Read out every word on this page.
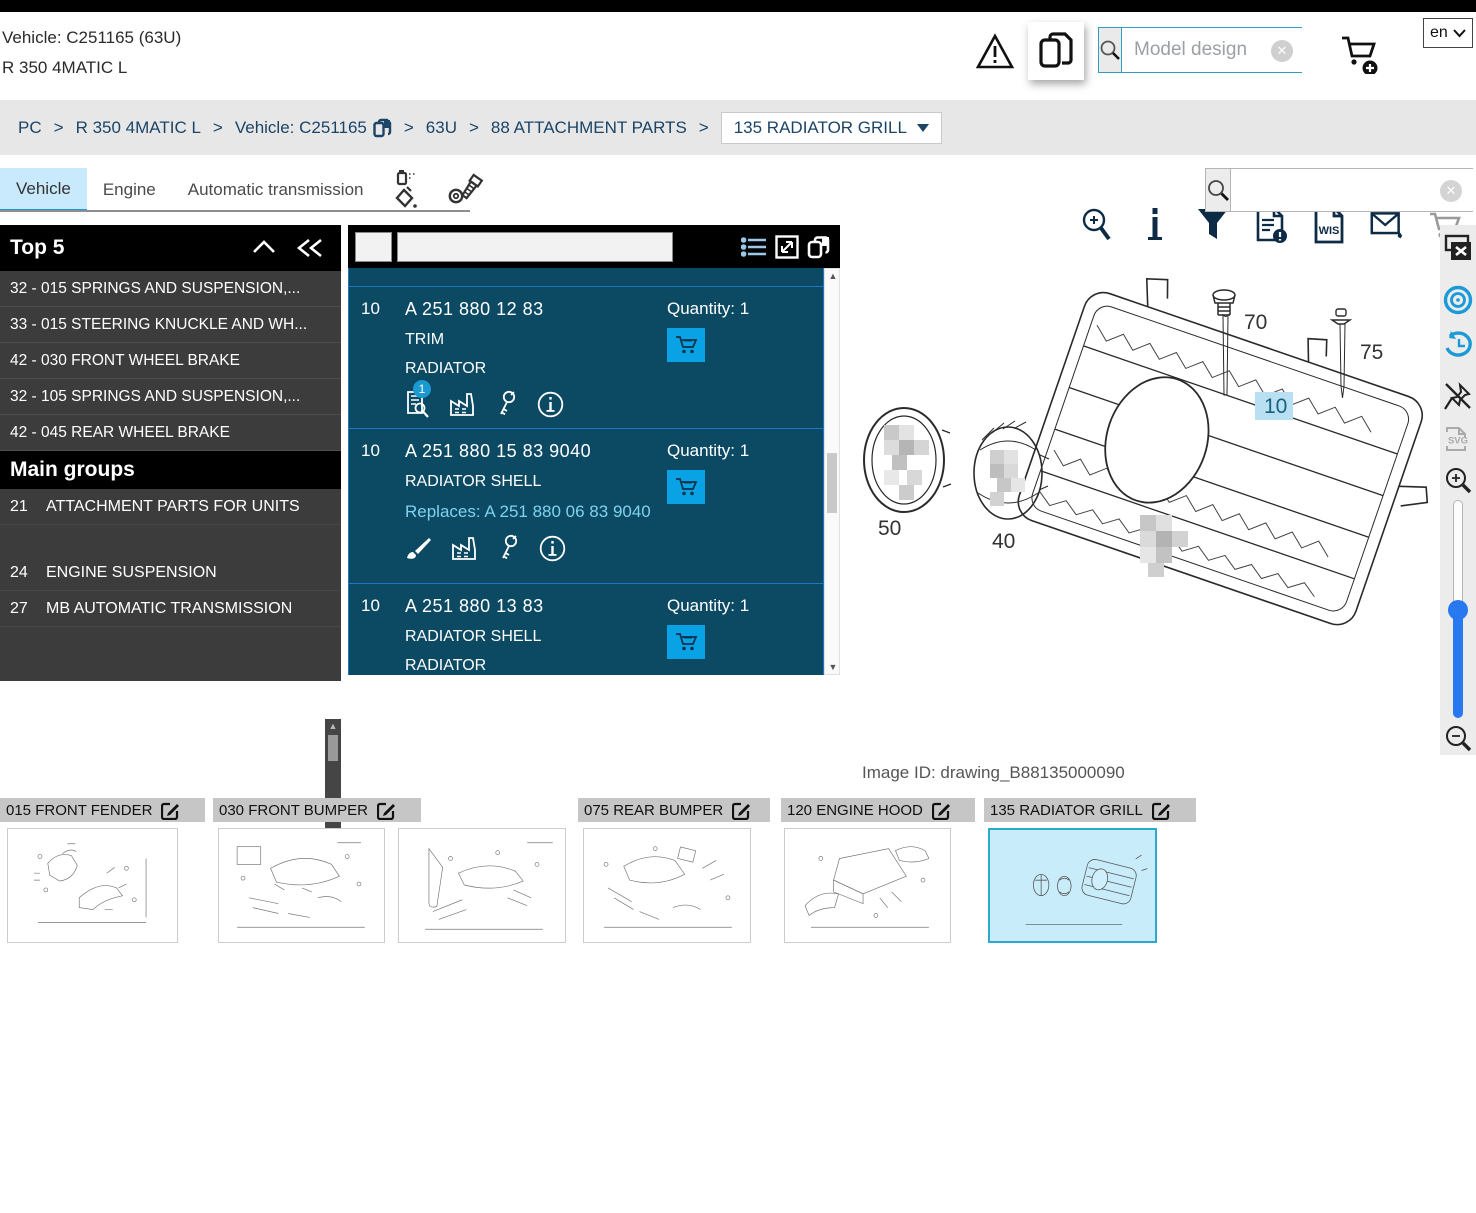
en
Vehicle: C251165 (63U)
R 350 4MATIC L
Model design
✕
PC > R 350 4MATIC L > Vehicle: C251165 > 63U > 88 ATTACHMENT PARTS > 135 RADIATOR GRILL
WIS
Vehicle	Engine	Automatic transmission	✕
Top 5
32 - 015 SPRINGS AND SUSPENSION,...
33 - 015 STEERING KNUCKLE AND WH...
42 - 030 FRONT WHEEL BRAKE
32 - 105 SPRINGS AND SUSPENSION,...
42 - 045 REAR WHEEL BRAKE
Main groups
21	ATTACHMENT PARTS FOR UNITS
24	ENGINE SUSPENSION
27	MB AUTOMATIC TRANSMISSION
▲
10	A 251 880 12 83
TRIM
RADIATOR
1
Quantity: 1
10	A 251 880 15 83 9040
RADIATOR SHELL
Replaces: A 251 880 06 83 9040
Quantity: 1
10	A 251 880 13 83
RADIATOR SHELL
RADIATOR
Quantity: 1
▲
▼
70
75
10
50
40
SVG
Image ID: drawing_B88135000090
015 FRONT FENDER	030 FRONT BUMPER	075 REAR BUMPER	120 ENGINE HOOD	135 RADIATOR GRILL
